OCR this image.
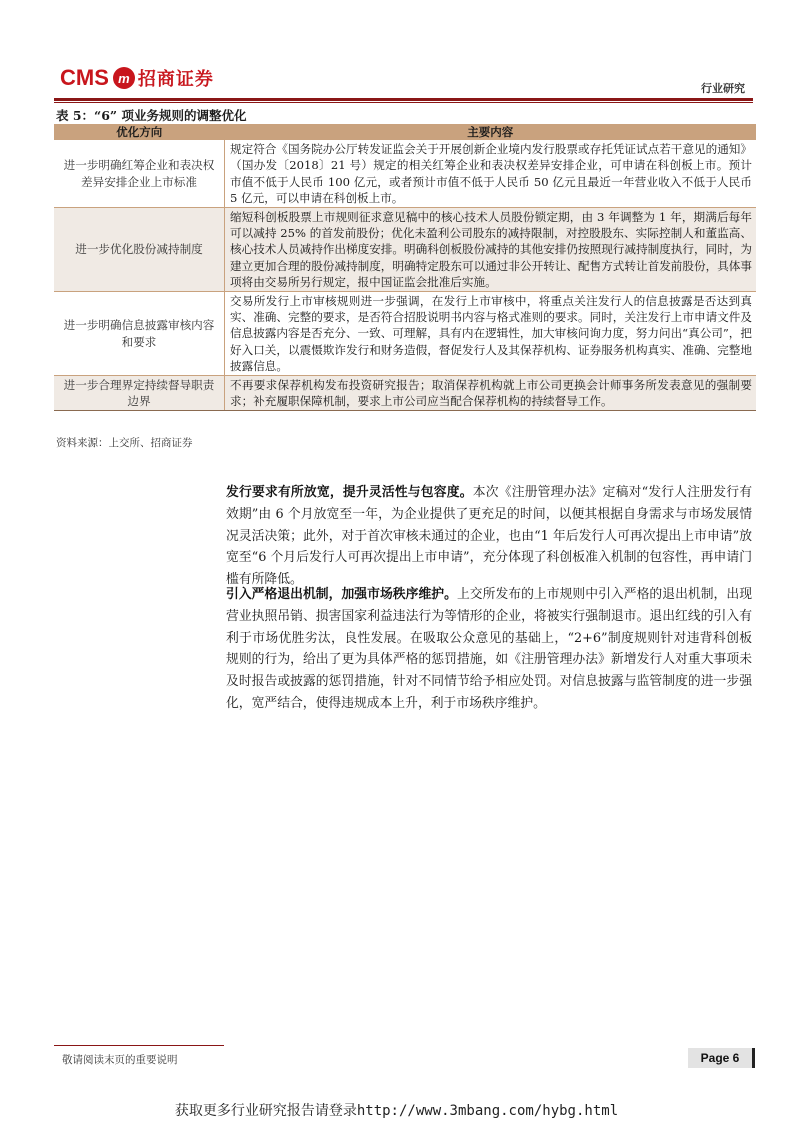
CMS m 招商证券	行业研究
表 5：“6” 项业务规则的调整优化
优化方向	主要内容
进一步明确红筹企业和表决权差异安排企业上市标准	规定符合《国务院办公厅转发证监会关于开展创新企业境内发行股票或存托凭证试点若干意见的通知》（国办发〔2018〕21 号）规定的相关红筹企业和表决权差异安排企业，可申请在科创板上市。预计市值不低于人民币 100 亿元，或者预计市值不低于人民币 50 亿元且最近一年营业收入不低于人民币 5 亿元，可以申请在科创板上市。
进一步优化股份减持制度	缩短科创板股票上市规则征求意见稿中的核心技术人员股份锁定期，由 3 年调整为 1 年，期满后每年可以减持 25% 的首发前股份；优化未盈利公司股东的减持限制，对控股股东、实际控制人和董监高、核心技术人员减持作出梯度安排。明确科创板股份减持的其他安排仍按照现行减持制度执行，同时，为建立更加合理的股份减持制度，明确特定股东可以通过非公开转让、配售方式转让首发前股份，具体事项将由交易所另行规定，报中国证监会批准后实施。
进一步明确信息披露审核内容和要求	交易所发行上市审核规则进一步强调，在发行上市审核中，将重点关注发行人的信息披露是否达到真实、准确、完整的要求，是否符合招股说明书内容与格式准则的要求。同时，关注发行上市申请文件及信息披露内容是否充分、一致、可理解，具有内在逻辑性，加大审核问询力度，努力问出“真公司”，把好入口关，以震慑欺诈发行和财务造假，督促发行人及其保荐机构、证券服务机构真实、准确、完整地披露信息。
进一步合理界定持续督导职责边界	不再要求保荐机构发布投资研究报告；取消保荐机构就上市公司更换会计师事务所发表意见的强制要求；补充履职保障机制，要求上市公司应当配合保荐机构的持续督导工作。
资料来源：上交所、招商证券
发行要求有所放宽，提升灵活性与包容度。本次《注册管理办法》定稿对“发行人注册发行有效期”由 6 个月放宽至一年，为企业提供了更充足的时间，以便其根据自身需求与市场发展情况灵活决策；此外，对于首次审核未通过的企业，也由“1 年后发行人可再次提出上市申请”放宽至“6 个月后发行人可再次提出上市申请”，充分体现了科创板准入机制的包容性，再申请门槛有所降低。
引入严格退出机制，加强市场秩序维护。上交所发布的上市规则中引入严格的退出机制，出现营业执照吊销、损害国家利益违法行为等情形的企业，将被实行强制退市。退出红线的引入有利于市场优胜劣汰，良性发展。在吸取公众意见的基础上，“2+6”制度规则针对违背科创板规则的行为，给出了更为具体严格的惩罚措施，如《注册管理办法》新增发行人对重大事项未及时报告或披露的惩罚措施，针对不同情节给予相应处罚。对信息披露与监管制度的进一步强化，宽严结合，使得违规成本上升，利于市场秩序维护。
敬请阅读末页的重要说明	Page 6
获取更多行业研究报告请登录http://www.3mbang.com/hybg.html
